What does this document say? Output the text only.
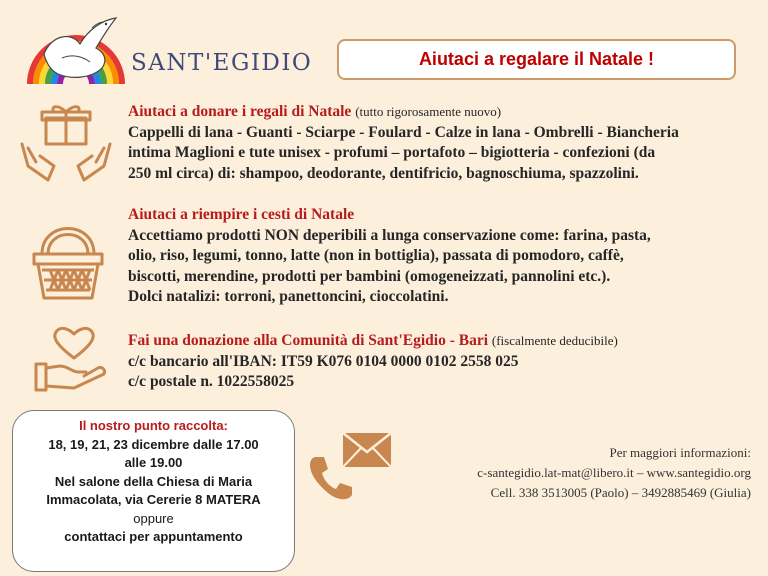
SANT'EGIDIO	Aiutaci a regalare il Natale !
Aiutaci a donare i regali di Natale (tutto rigorosamente nuovo)
Cappelli di lana - Guanti - Sciarpe - Foulard - Calze in lana - Ombrelli - Biancheria
intima Maglioni e tute unisex - profumi – portafoto – bigiotteria - confezioni (da
250 ml circa) di: shampoo, deodorante, dentifricio, bagnoschiuma, spazzolini.
Aiutaci a riempire i cesti di Natale
Accettiamo prodotti NON deperibili a lunga conservazione come: farina, pasta,
olio, riso, legumi, tonno, latte (non in bottiglia), passata di pomodoro, caffè,
biscotti, merendine, prodotti per bambini (omogeneizzati, pannolini etc.).
Dolci natalizi: torroni, panettoncini, cioccolatini.
Fai una donazione alla Comunità di Sant'Egidio - Bari (fiscalmente deducibile)
c/c bancario all'IBAN: IT59 K076 0104 0000 0102 2558 025
c/c postale n. 1022558025
Il nostro punto raccolta:
18, 19, 21, 23 dicembre dalle 17.00
alle 19.00
Nel salone della Chiesa di Maria
Immacolata, via Cererie 8 MATERA
oppure
contattaci per appuntamento
Per maggiori informazioni:
c-santegidio.lat-mat@libero.it – www.santegidio.org
Cell. 338 3513005 (Paolo) – 3492885469 (Giulia)
